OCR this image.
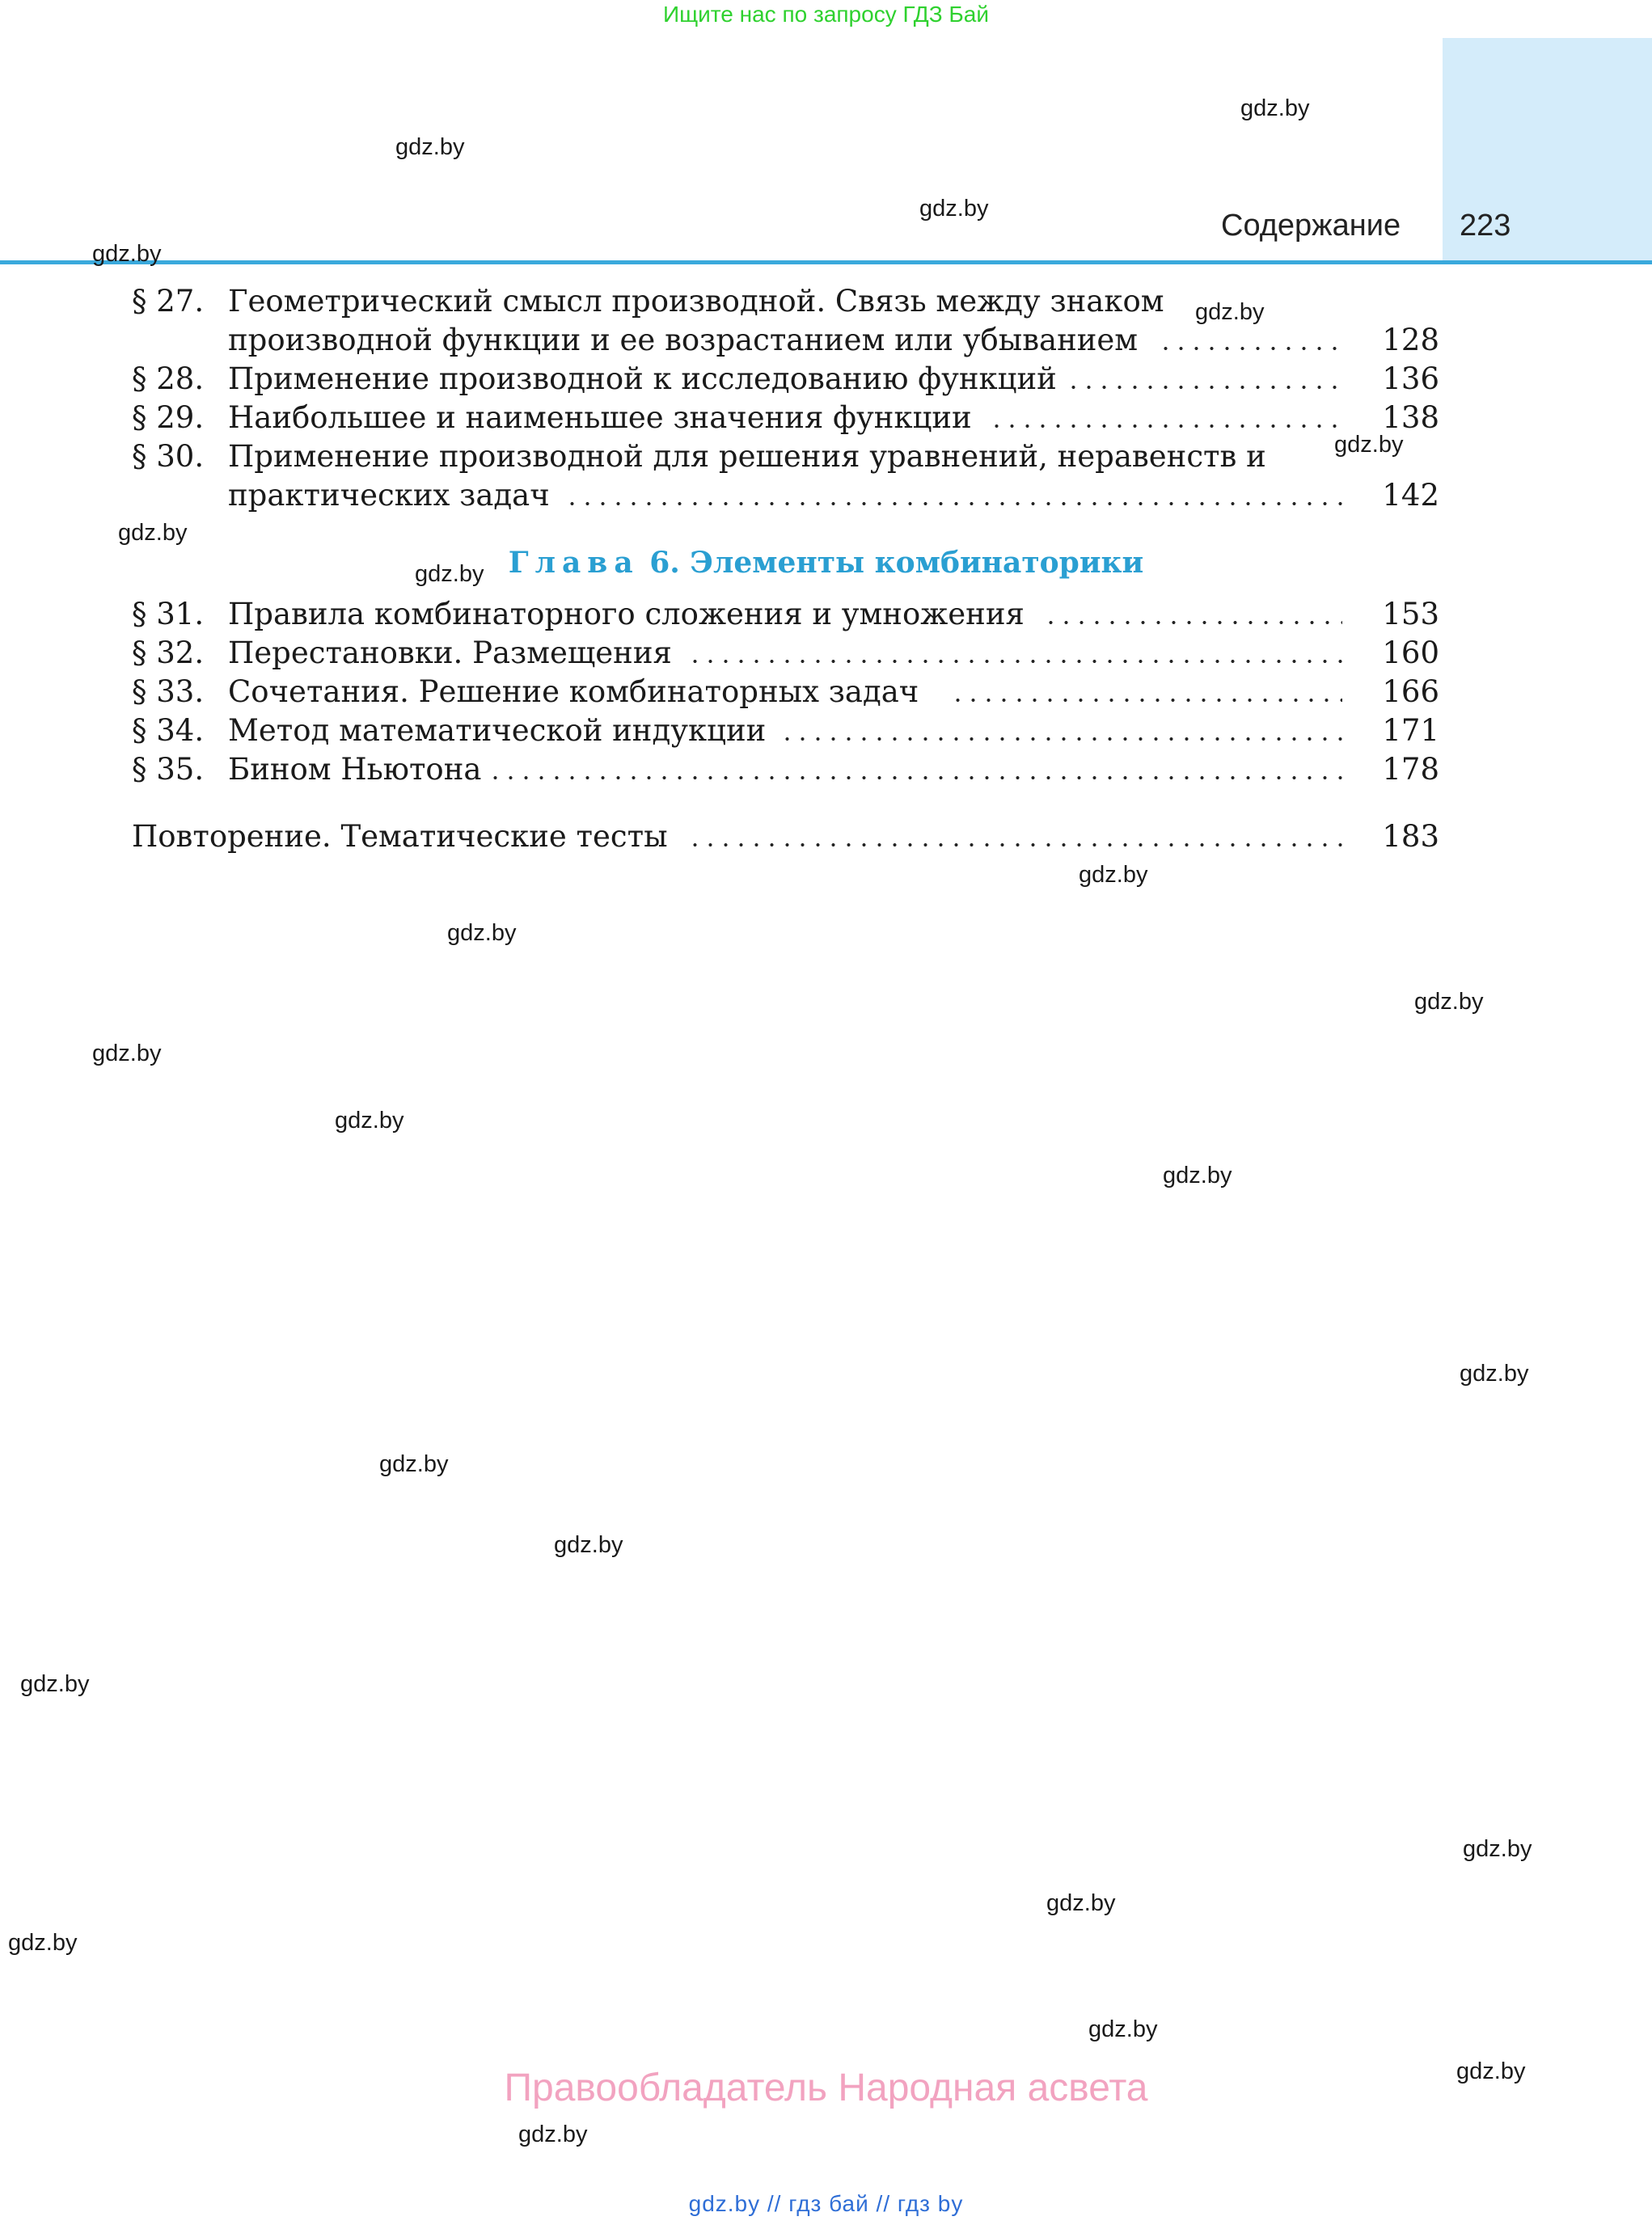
Ищите нас по запросу ГДЗ Бай
Содержание 223
§ 27. Геометрический смысл производной. Связь между знаком
производной функции и ее возрастанием или убыванием	128
§ 28. Применение производной к исследованию функций	136
§ 29. Наибольшее и наименьшее значения функции	138
§ 30. Применение производной для решения уравнений, неравенств и
практических задач	142
Глава 6. Элементы комбинаторики
§ 31. Правила комбинаторного сложения и умножения	153
§ 32. Перестановки. Размещения	160
§ 33. Сочетания. Решение комбинаторных задач	166
§ 34. Метод математической индукции	171
§ 35. Бином Ньютона	178
Повторение. Тематические тесты	183
gdz.by
gdz.by
gdz.by
gdz.by
gdz.by
gdz.by
gdz.by
gdz.by
gdz.by
gdz.by
gdz.by
gdz.by
gdz.by
gdz.by
gdz.by
gdz.by
gdz.by
gdz.by
gdz.by
gdz.by
gdz.by
gdz.by
gdz.by
gdz.by
Правообладатель Народная асвета
gdz.by // гдз бай // гдз by
